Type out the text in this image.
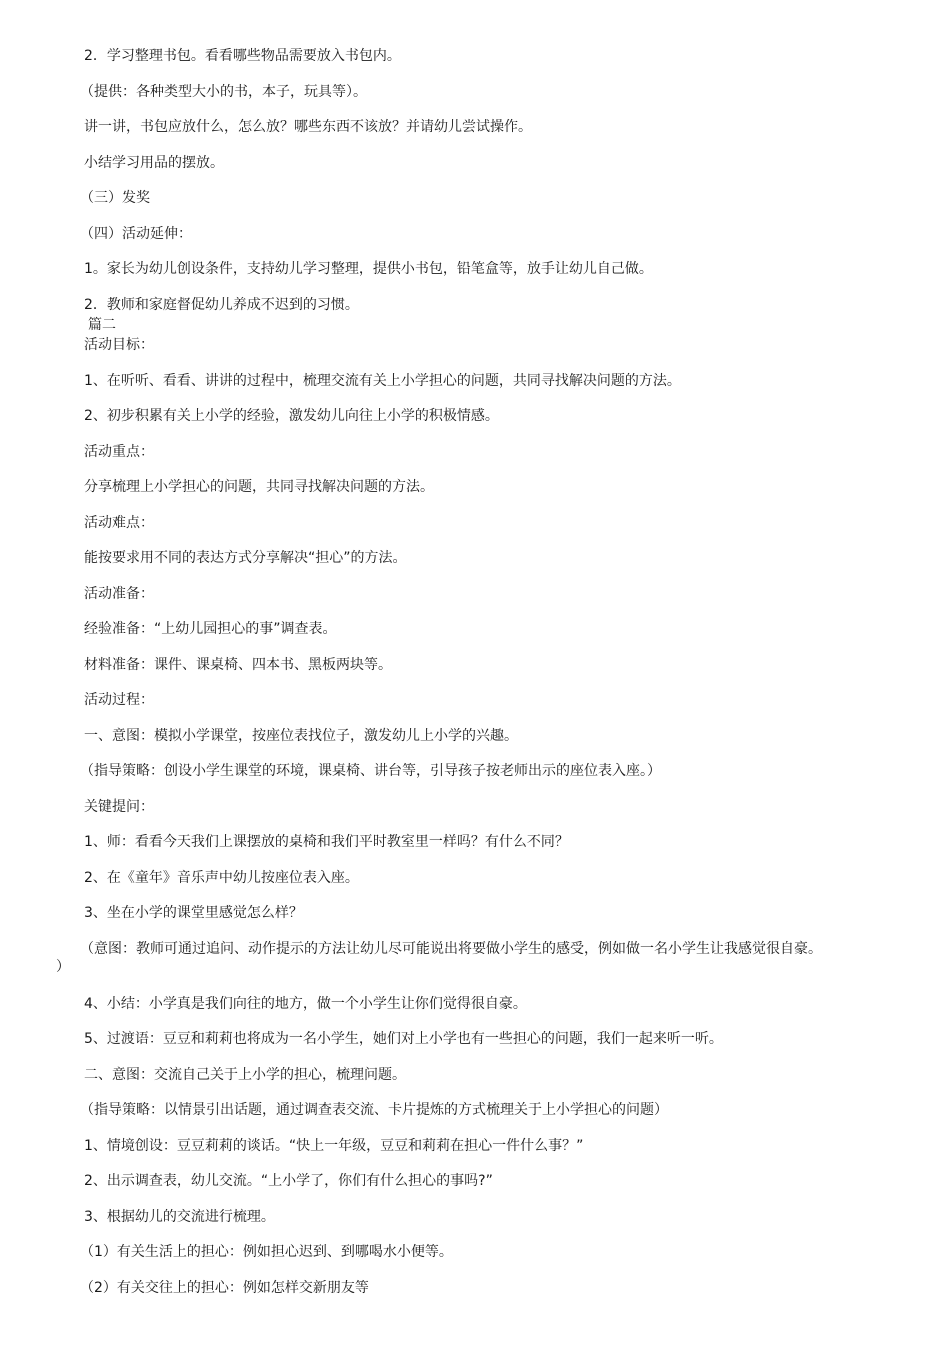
2．学习整理书包。看看哪些物品需要放入书包内。
（提供：各种类型大小的书，本子，玩具等）。
讲一讲，书包应放什么，怎么放？哪些东西不该放？并请幼儿尝试操作。
小结学习用品的摆放。
（三）发奖
（四）活动延伸：
1。家长为幼儿创设条件，支持幼儿学习整理，提供小书包，铅笔盒等，放手让幼儿自己做。
2．教师和家庭督促幼儿养成不迟到的习惯。
篇二
活动目标：
1、在听听、看看、讲讲的过程中，梳理交流有关上小学担心的问题，共同寻找解决问题的方法。
2、初步积累有关上小学的经验，激发幼儿向往上小学的积极情感。
活动重点：
分享梳理上小学担心的问题，共同寻找解决问题的方法。
活动难点：
能按要求用不同的表达方式分享解决“担心”的方法。
活动准备：
经验准备：“上幼儿园担心的事”调查表。
材料准备：课件、课桌椅、四本书、黑板两块等。
活动过程：
一、意图：模拟小学课堂，按座位表找位子，激发幼儿上小学的兴趣。
（指导策略：创设小学生课堂的环境，课桌椅、讲台等，引导孩子按老师出示的座位表入座。）
关键提问：
1、师：看看今天我们上课摆放的桌椅和我们平时教室里一样吗？有什么不同？
2、在《童年》音乐声中幼儿按座位表入座。
3、坐在小学的课堂里感觉怎么样？
（意图：教师可通过追问、动作提示的方法让幼儿尽可能说出将要做小学生的感受，例如做一名小学生让我感觉很自豪。
）
4、小结：小学真是我们向往的地方，做一个小学生让你们觉得很自豪。
5、过渡语：豆豆和莉莉也将成为一名小学生，她们对上小学也有一些担心的问题，我们一起来听一听。
二、意图：交流自己关于上小学的担心，梳理问题。
（指导策略：以情景引出话题，通过调查表交流、卡片提炼的方式梳理关于上小学担心的问题）
1、情境创设：豆豆莉莉的谈话。“快上一年级，豆豆和莉莉在担心一件什么事？”
2、出示调查表，幼儿交流。“上小学了，你们有什么担心的事吗?”
3、根据幼儿的交流进行梳理。
（1）有关生活上的担心：例如担心迟到、到哪喝水小便等。
（2）有关交往上的担心：例如怎样交新朋友等
